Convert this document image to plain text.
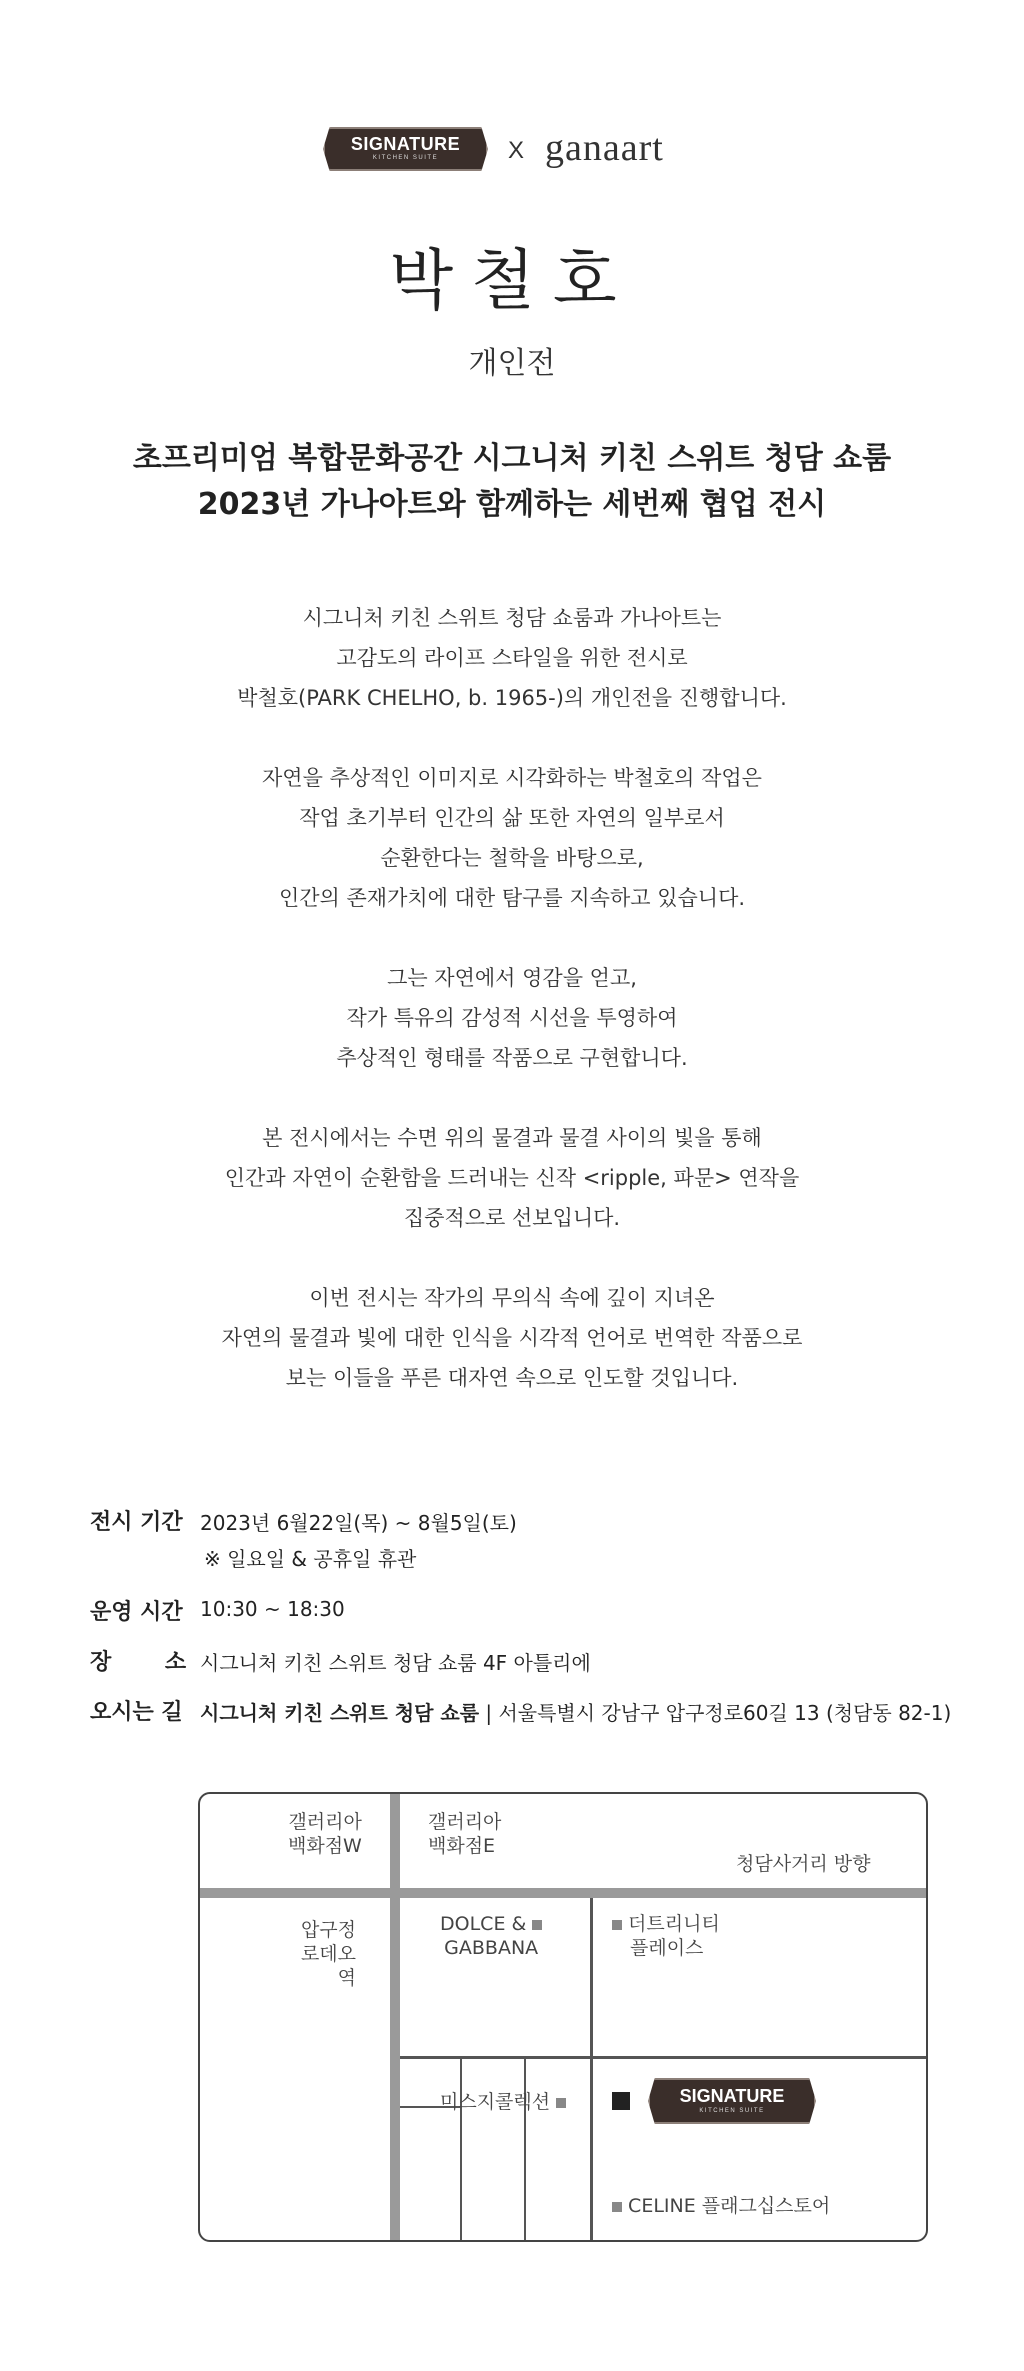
SIGNATURE
KITCHEN SUITE	X ganaart
박철호
개인전
초프리미엄 복합문화공간 시그니처 키친 스위트 청담 쇼룸
2023년 가나아트와 함께하는 세번째 협업 전시

시그니처 키친 스위트 청담 쇼룸과 가나아트는
고감도의 라이프 스타일을 위한 전시로
박철호(PARK CHELHO, b. 1965-)의 개인전을 진행합니다.

자연을 추상적인 이미지로 시각화하는 박철호의 작업은
작업 초기부터 인간의 삶 또한 자연의 일부로서
순환한다는 철학을 바탕으로,
인간의 존재가치에 대한 탐구를 지속하고 있습니다.

그는 자연에서 영감을 얻고,
작가 특유의 감성적 시선을 투영하여
추상적인 형태를 작품으로 구현합니다.

본 전시에서는 수면 위의 물결과 물결 사이의 빛을 통해
인간과 자연이 순환함을 드러내는 신작 <ripple, 파문> 연작을
집중적으로 선보입니다.

이번 전시는 작가의 무의식 속에 깊이 지녀온
자연의 물결과 빛에 대한 인식을 시각적 언어로 번역한 작품으로
보는 이들을 푸른 대자연 속으로 인도할 것입니다.

전시 기간 2023년 6월22일(목) ~ 8월5일(토)
※ 일요일 & 공휴일 휴관
운영 시간 10:30 ~ 18:30
장       소 시그니처 키친 스위트 청담 쇼룸 4F 아틀리에
오시는 길 시그니처 키친 스위트 청담 쇼룸 | 서울특별시 강남구 압구정로60길 13 (청담동 82-1)
갤러리아
백화점W
갤러리아
백화점E
청담사거리 방향
압구정
로데오역
DOLCE &
GABBANA
더트리니티
플레이스
미스지콜렉션	SIGNATURE
KITCHEN SUITE
CELINE 플래그십스토어
